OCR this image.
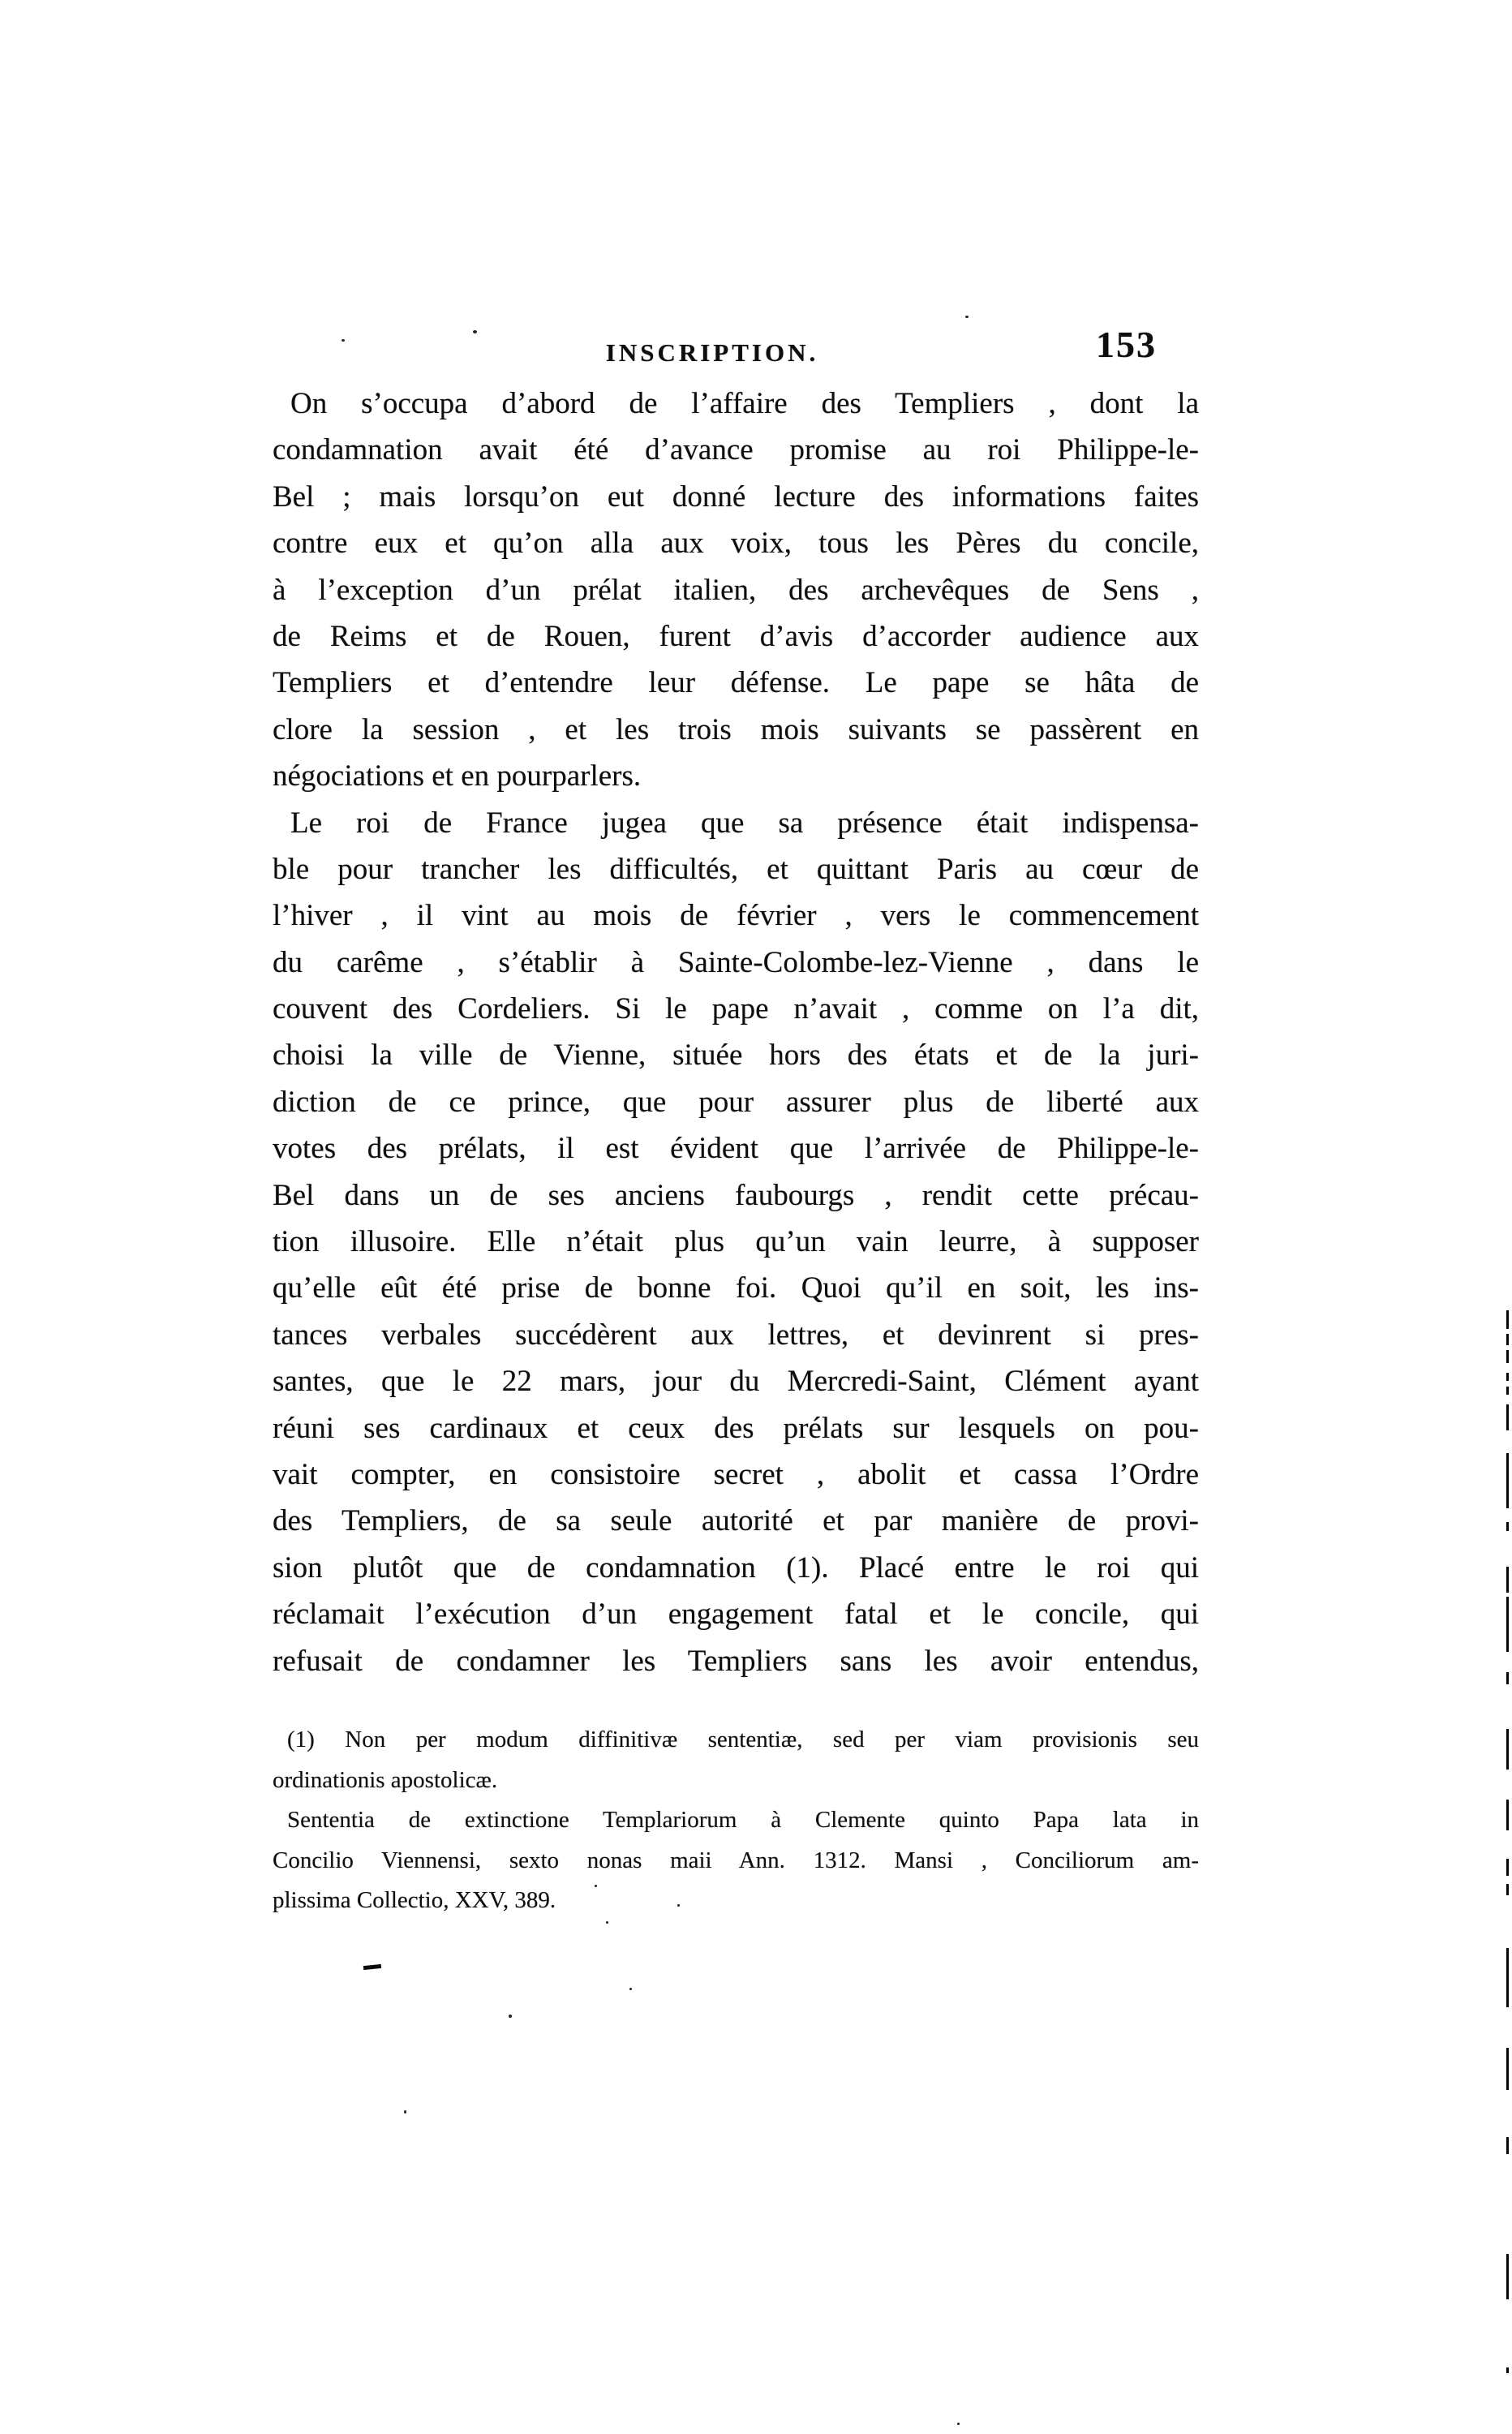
INSCRIPTION.	153
On s’occupa d’abord de l’affaire des Templiers , dont la
condamnation avait été d’avance promise au roi Philippe-le-
Bel ; mais lorsqu’on eut donné lecture des informations faites
contre eux et qu’on alla aux voix, tous les Pères du concile,
à l’exception d’un prélat italien, des archevêques de Sens ,
de Reims et de Rouen, furent d’avis d’accorder audience aux
Templiers et d’entendre leur défense. Le pape se hâta de
clore la session , et les trois mois suivants se passèrent en
négociations et en pourparlers.
Le roi de France jugea que sa présence était indispensa-
ble pour trancher les difficultés, et quittant Paris au cœur de
l’hiver , il vint au mois de février , vers le commencement
du carême , s’établir à Sainte-Colombe-lez-Vienne , dans le
couvent des Cordeliers. Si le pape n’avait , comme on l’a dit,
choisi la ville de Vienne, située hors des états et de la juri-
diction de ce prince, que pour assurer plus de liberté aux
votes des prélats, il est évident que l’arrivée de Philippe-le-
Bel dans un de ses anciens faubourgs , rendit cette précau-
tion illusoire. Elle n’était plus qu’un vain leurre, à supposer
qu’elle eût été prise de bonne foi. Quoi qu’il en soit, les ins-
tances verbales succédèrent aux lettres, et devinrent si pres-
santes, que le 22 mars, jour du Mercredi-Saint, Clément ayant
réuni ses cardinaux et ceux des prélats sur lesquels on pou-
vait compter, en consistoire secret , abolit et cassa l’Ordre
des Templiers, de sa seule autorité et par manière de provi-
sion plutôt que de condamnation (1). Placé entre le roi qui
réclamait l’exécution d’un engagement fatal et le concile, qui
refusait de condamner les Templiers sans les avoir entendus,
(1) Non per modum diffinitivæ sententiæ, sed per viam provisionis seu
ordinationis apostolicæ.
Sententia de extinctione Templariorum à Clemente quinto Papa lata in
Concilio Viennensi, sexto nonas maii Ann. 1312. Mansi , Conciliorum am-
plissima Collectio, XXV, 389.
